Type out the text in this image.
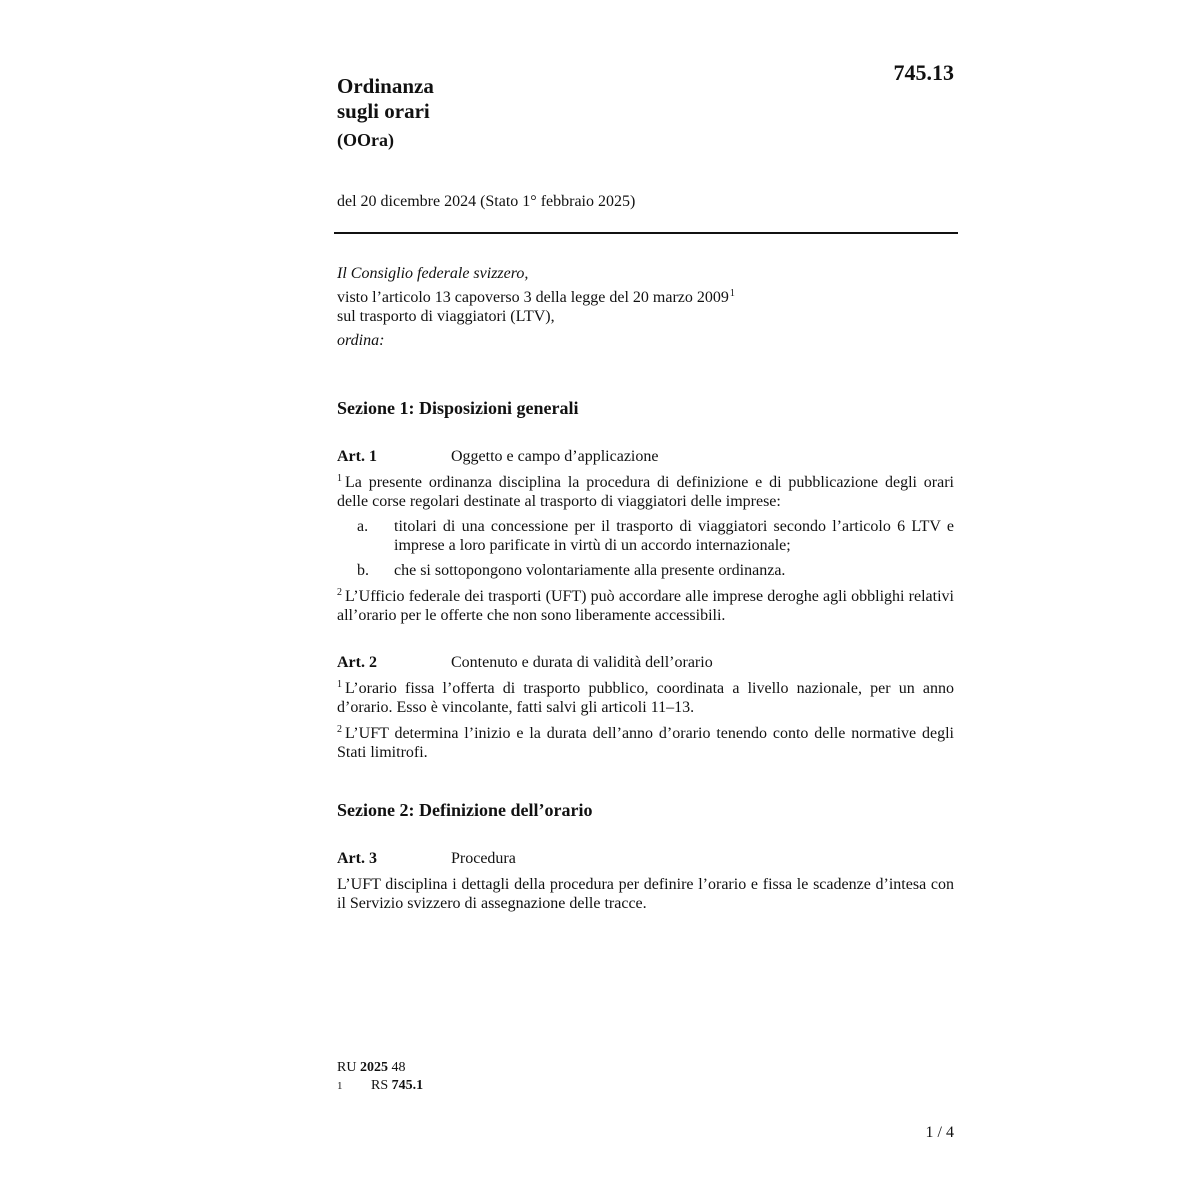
745.13
Ordinanza
sugli orari
(OOra)
del 20 dicembre 2024 (Stato 1° febbraio 2025)
Il Consiglio federale svizzero,
visto l’articolo 13 capoverso 3 della legge del 20 marzo 2009$^1$
sul trasporto di viaggiatori (LTV),
ordina:
Sezione 1: Disposizioni generali
Art. 1	Oggetto e campo d’applicazione
$^1$ La presente ordinanza disciplina la procedura di definizione e di pubblicazione degli orari delle corse regolari destinate al trasporto di viaggiatori delle imprese:
a.	titolari di una concessione per il trasporto di viaggiatori secondo l’articolo 6 LTV e imprese a loro parificate in virtù di un accordo internazionale;
b.	che si sottopongono volontariamente alla presente ordinanza.
$^2$ L’Ufficio federale dei trasporti (UFT) può accordare alle imprese deroghe agli obblighi relativi all’orario per le offerte che non sono liberamente accessibili.
Art. 2	Contenuto e durata di validità dell’orario
$^1$ L’orario fissa l’offerta di trasporto pubblico, coordinata a livello nazionale, per un anno d’orario. Esso è vincolante, fatti salvi gli articoli 11–13.
$^2$ L’UFT determina l’inizio e la durata dell’anno d’orario tenendo conto delle normative degli Stati limitrofi.
Sezione 2: Definizione dell’orario
Art. 3	Procedura
L’UFT disciplina i dettagli della procedura per definire l’orario e fissa le scadenze d’intesa con il Servizio svizzero di assegnazione delle tracce.
RU 2025 48
1	RS 745.1
1 / 4
